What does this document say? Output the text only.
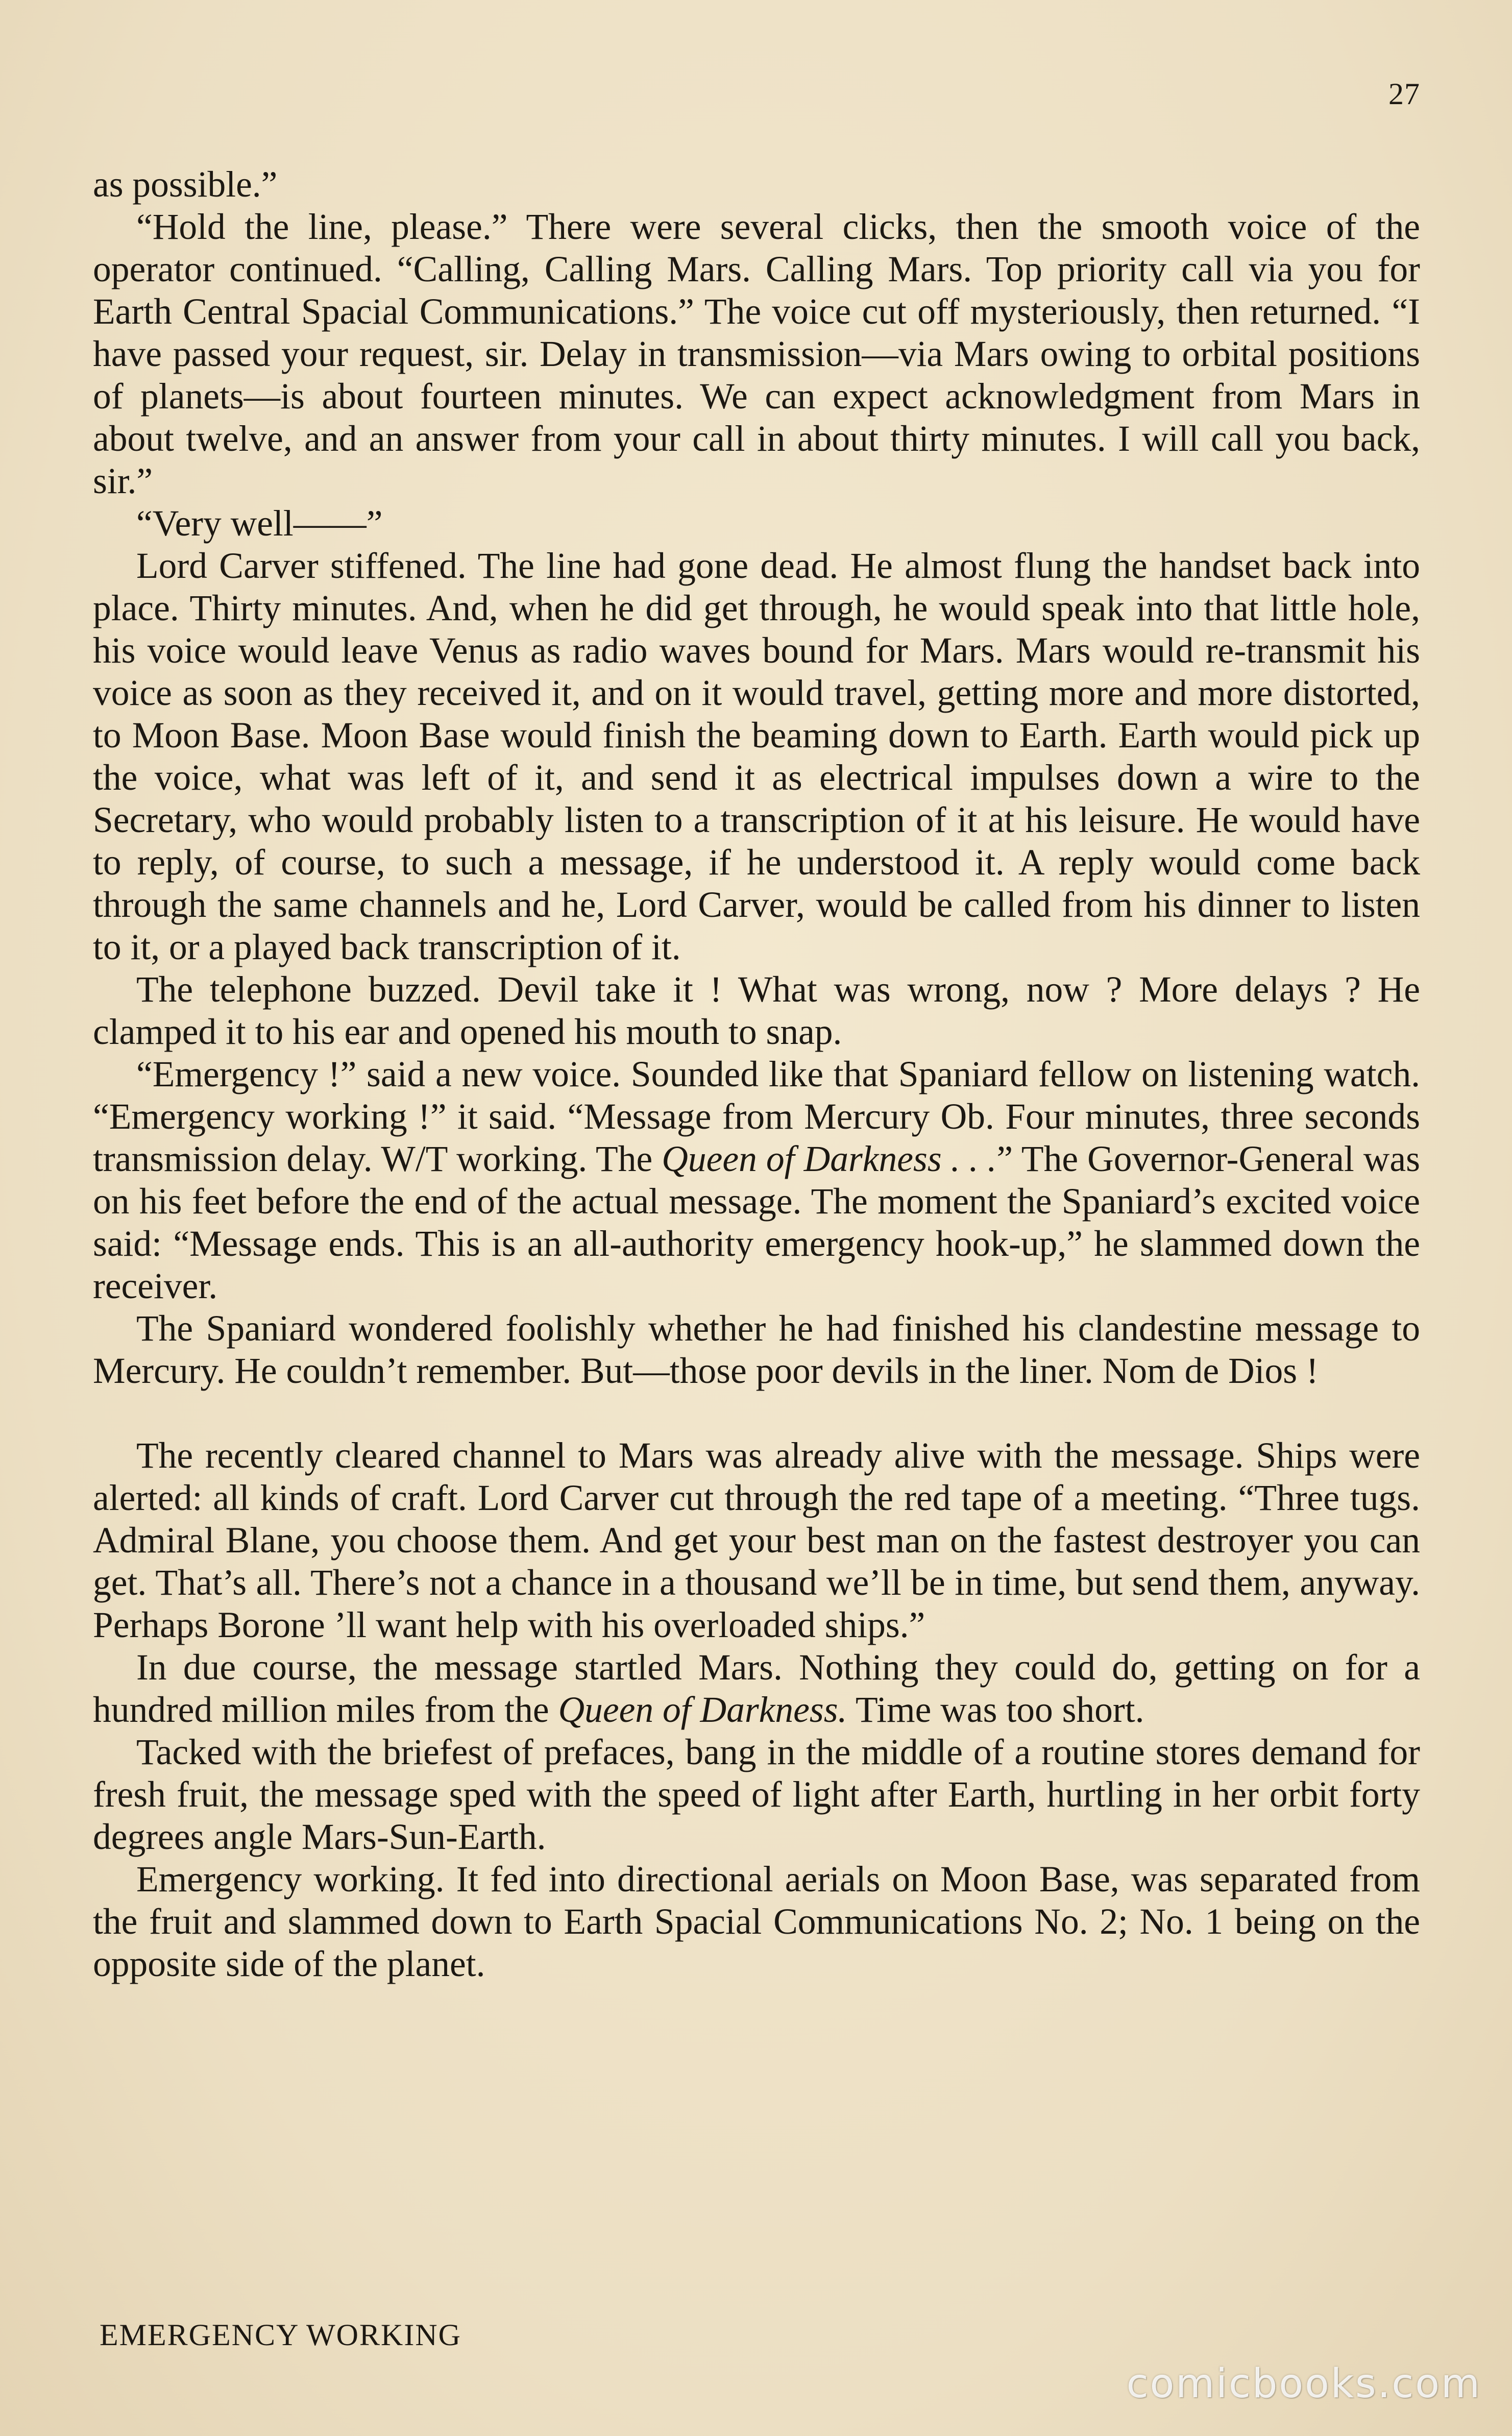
27

as possible.”

“Hold the line, please.” There were several clicks, then the smooth voice of the operator continued. “Calling, Calling Mars. Calling Mars. Top priority call via you for Earth Central Spacial Communications.” The voice cut off mysteriously, then returned. “I have passed your request, sir. Delay in transmission—via Mars owing to orbital positions of planets—is about fourteen minutes. We can expect acknowledgment from Mars in about twelve, and an answer from your call in about thirty minutes. I will call you back, sir.”

“Very well——”

Lord Carver stiffened. The line had gone dead. He almost flung the handset back into place. Thirty minutes. And, when he did get through, he would speak into that little hole, his voice would leave Venus as radio waves bound for Mars. Mars would re-transmit his voice as soon as they received it, and on it would travel, getting more and more distorted, to Moon Base. Moon Base would finish the beaming down to Earth. Earth would pick up the voice, what was left of it, and send it as electrical impulses down a wire to the Secretary, who would probably listen to a transcription of it at his leisure. He would have to reply, of course, to such a message, if he understood it. A reply would come back through the same channels and he, Lord Carver, would be called from his dinner to listen to it, or a played back transcription of it.

The telephone buzzed. Devil take it ! What was wrong, now ? More delays ? He clamped it to his ear and opened his mouth to snap.

“Emergency !” said a new voice. Sounded like that Spaniard fellow on listening watch. “Emergency working !” it said. “Message from Mercury Ob. Four minutes, three seconds transmission delay. W/T working. The Queen of Darkness . . .” The Governor-General was on his feet before the end of the actual message. The moment the Spaniard’s excited voice said: “Message ends. This is an all-authority emergency hook-up,” he slammed down the receiver.

The Spaniard wondered foolishly whether he had finished his clandestine message to Mercury. He couldn’t remember. But—those poor devils in the liner. Nom de Dios !

The recently cleared channel to Mars was already alive with the message. Ships were alerted: all kinds of craft. Lord Carver cut through the red tape of a meeting. “Three tugs. Admiral Blane, you choose them. And get your best man on the fastest destroyer you can get. That’s all. There’s not a chance in a thousand we’ll be in time, but send them, anyway. Perhaps Borone ’ll want help with his overloaded ships.”

In due course, the message startled Mars. Nothing they could do, getting on for a hundred million miles from the Queen of Darkness. Time was too short.

Tacked with the briefest of prefaces, bang in the middle of a routine stores demand for fresh fruit, the message sped with the speed of light after Earth, hurtling in her orbit forty degrees angle Mars-Sun-Earth.

Emergency working. It fed into directional aerials on Moon Base, was separated from the fruit and slammed down to Earth Spacial Communications No. 2; No. 1 being on the opposite side of the planet.

EMERGENCY WORKING
comicbooks.com
